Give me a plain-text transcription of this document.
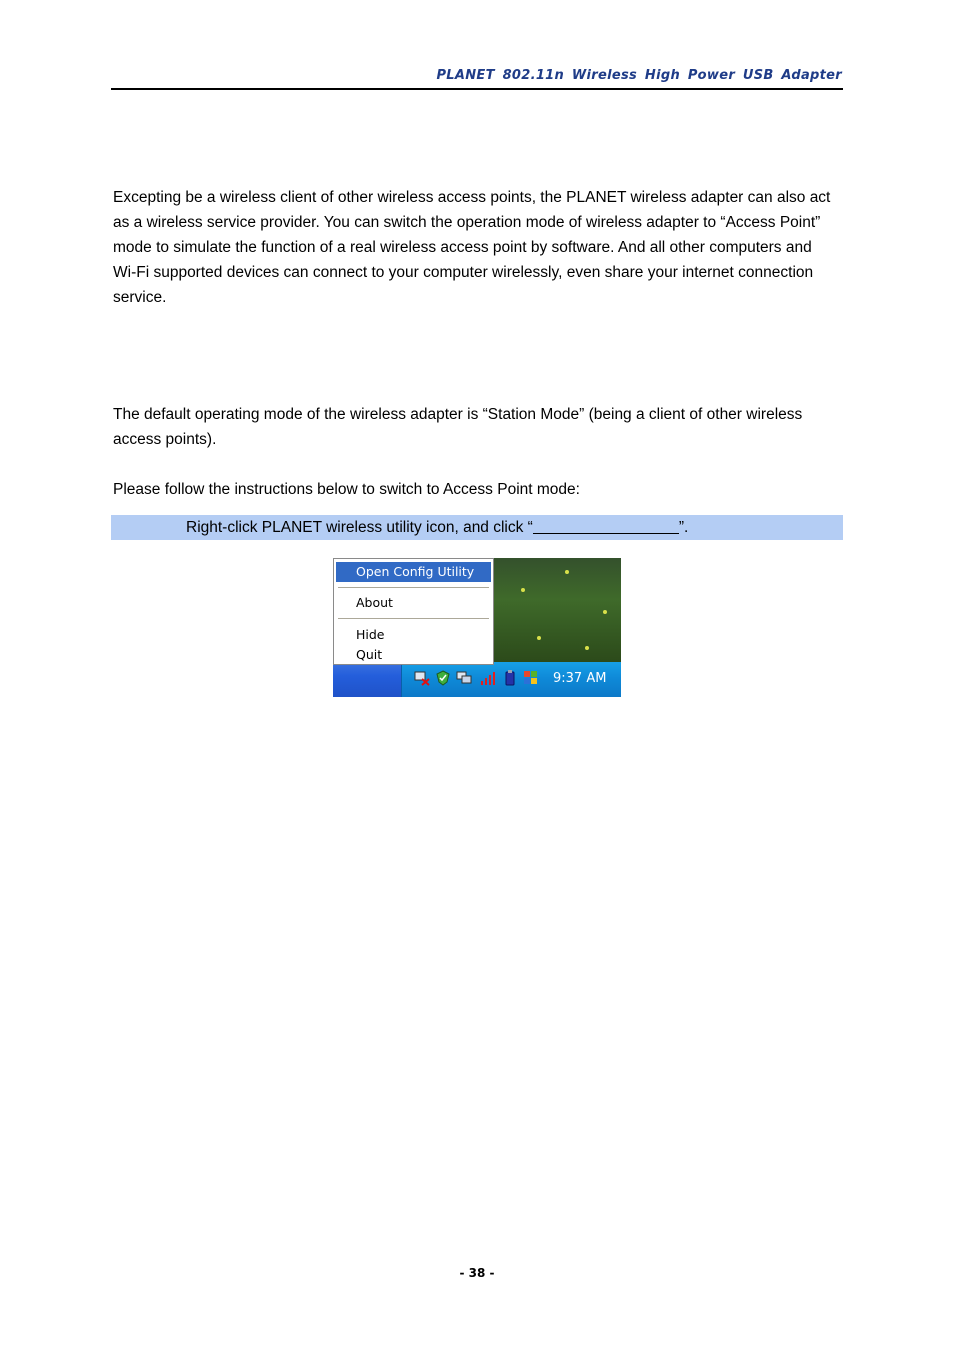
PLANET 802.11n Wireless High Power USB Adapter

Excepting be a wireless client of other wireless access points, the PLANET wireless adapter can also act as a wireless service provider. You can switch the operation mode of wireless adapter to “Access Point” mode to simulate the function of a real wireless access point by software. And all other computers and Wi-Fi supported devices can connect to your computer wirelessly, even share your internet connection service.

The default operating mode of the wireless adapter is “Station Mode” (being a client of other wireless access points).

Please follow the instructions below to switch to Access Point mode:

Right-click PLANET wireless utility icon, and click “	”.
9:37 AM
Open Config Utility
About
Hide
Quit
- 38 -
